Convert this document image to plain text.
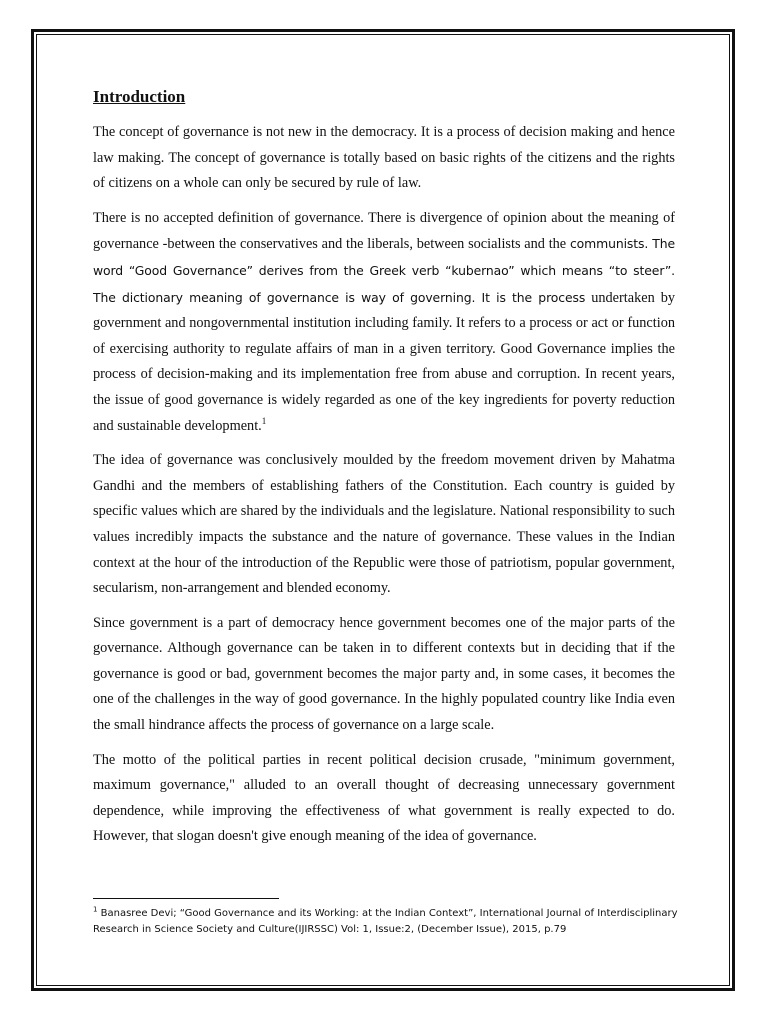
Introduction

The concept of governance is not new in the democracy. It is a process of decision making and hence law making. The concept of governance is totally based on basic rights of the citizens and the rights of citizens on a whole can only be secured by rule of law.

There is no accepted definition of governance. There is divergence of opinion about the meaning of governance -between the conservatives and the liberals, between socialists and the communists. The word “Good Governance” derives from the Greek verb “kubernao” which means “to steer”. The dictionary meaning of governance is way of governing. It is the process undertaken by government and nongovernmental institution including family. It refers to a process or act or function of exercising authority to regulate affairs of man in a given territory. Good Governance implies the process of decision-making and its implementation free from abuse and corruption. In recent years, the issue of good governance is widely regarded as one of the key ingredients for poverty reduction and sustainable development.$^1$

The idea of governance was conclusively moulded by the freedom movement driven by Mahatma Gandhi and the members of establishing fathers of the Constitution. Each country is guided by specific values which are shared by the individuals and the legislature. National responsibility to such values incredibly impacts the substance and the nature of governance. These values in the Indian context at the hour of the introduction of the Republic were those of patriotism, popular government, secularism, non-arrangement and blended economy.

Since government is a part of democracy hence government becomes one of the major parts of the governance. Although governance can be taken in to different contexts but in deciding that if the governance is good or bad, government becomes the major party and, in some cases, it becomes the one of the challenges in the way of good governance. In the highly populated country like India even the small hindrance affects the process of governance on a large scale.

The motto of the political parties in recent political decision crusade, "minimum government, maximum governance," alluded to an overall thought of decreasing unnecessary government dependence, while improving the effectiveness of what government is really expected to do. However, that slogan doesn't give enough meaning of the idea of governance.

$^1$ Banasree Devi; “Good Governance and its Working: at the Indian Context”, International Journal of Interdisciplinary Research in Science Society and Culture(IJIRSSC) Vol: 1, Issue:2, (December Issue), 2015, p.79
